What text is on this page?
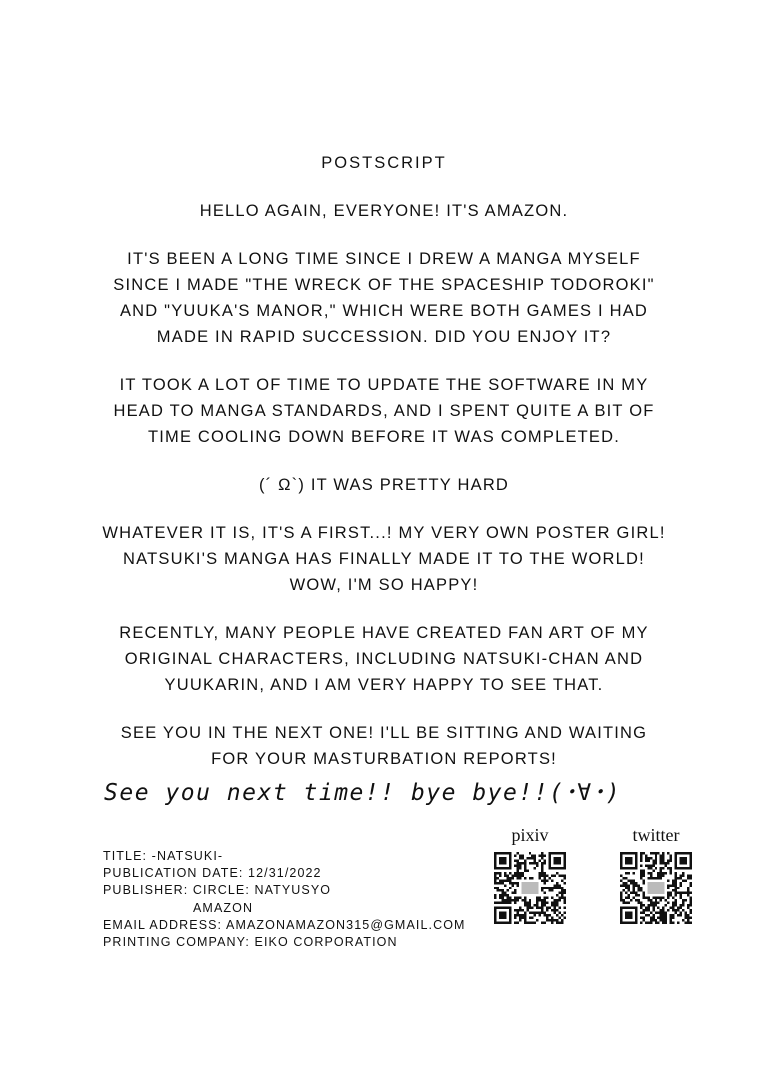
POSTSCRIPT
HELLO AGAIN, EVERYONE! IT'S AMAZON.
IT'S BEEN A LONG TIME SINCE I DREW A MANGA MYSELF
SINCE I MADE "THE WRECK OF THE SPACESHIP TODOROKI"
AND "YUUKA'S MANOR," WHICH WERE BOTH GAMES I HAD
MADE IN RAPID SUCCESSION. DID YOU ENJOY IT?
IT TOOK A LOT OF TIME TO UPDATE THE SOFTWARE IN MY
HEAD TO MANGA STANDARDS, AND I SPENT QUITE A BIT OF
TIME COOLING DOWN BEFORE IT WAS COMPLETED.
(´ Ω`) IT WAS PRETTY HARD
WHATEVER IT IS, IT'S A FIRST...! MY VERY OWN POSTER GIRL!
NATSUKI'S MANGA HAS FINALLY MADE IT TO THE WORLD!
WOW, I'M SO HAPPY!
RECENTLY, MANY PEOPLE HAVE CREATED FAN ART OF MY
ORIGINAL CHARACTERS, INCLUDING NATSUKI-CHAN AND
YUUKARIN, AND I AM VERY HAPPY TO SEE THAT.
SEE YOU IN THE NEXT ONE! I'LL BE SITTING AND WAITING
FOR YOUR MASTURBATION REPORTS!
See you next time!! bye bye!!(･∀･)
TITLE: -NATSUKI-
PUBLICATION DATE: 12/31/2022
PUBLISHER: CIRCLE: NATYUSYO
AMAZON
EMAIL ADDRESS: AMAZONAMAZON315@GMAIL.COM
PRINTING COMPANY: EIKO CORPORATION
pixiv	twitter
